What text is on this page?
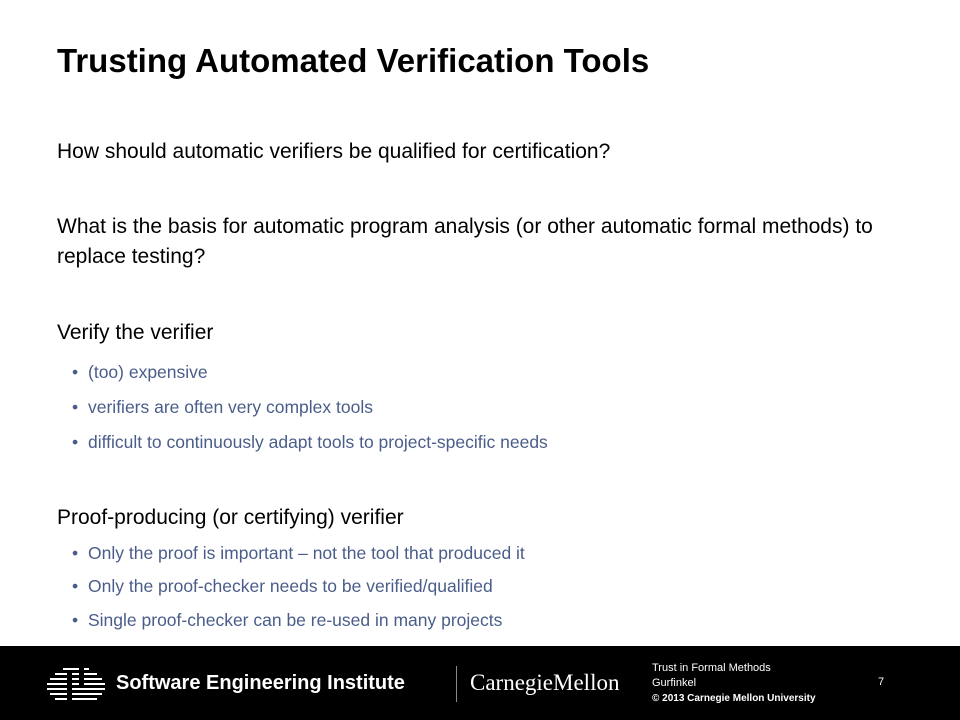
Trusting Automated Verification Tools
How should automatic verifiers be qualified for certification?
What is the basis for automatic program analysis (or other automatic formal methods) to replace testing?
Verify the verifier
• (too) expensive
• verifiers are often very complex tools
• difficult to continuously adapt tools to project-specific needs
Proof-producing (or certifying) verifier
• Only the proof is important – not the tool that produced it
• Only the proof-checker needs to be verified/qualified
• Single proof-checker can be re-used in many projects
Software Engineering Institute	CarnegieMellon
Trust in Formal Methods
Gurfinkel
© 2013 Carnegie Mellon University
7
